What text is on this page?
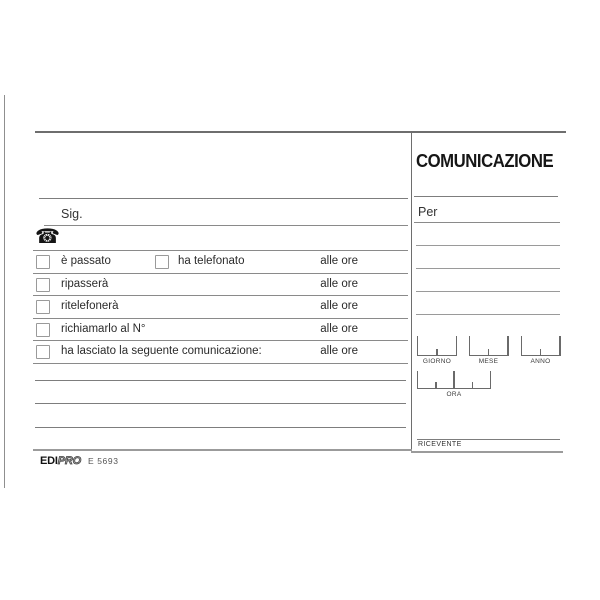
Sig.
☎
è passato	ha telefonato	alle ore
ripasserà	alle ore
ritelefonerà	alle ore
richiamarlo al N°	alle ore
ha lasciato la seguente comunicazione:	alle ore
COMUNICAZIONE
Per
GIORNO	MESE	ANNO
ORA
RICEVENTE
EDIPRO E 5693
